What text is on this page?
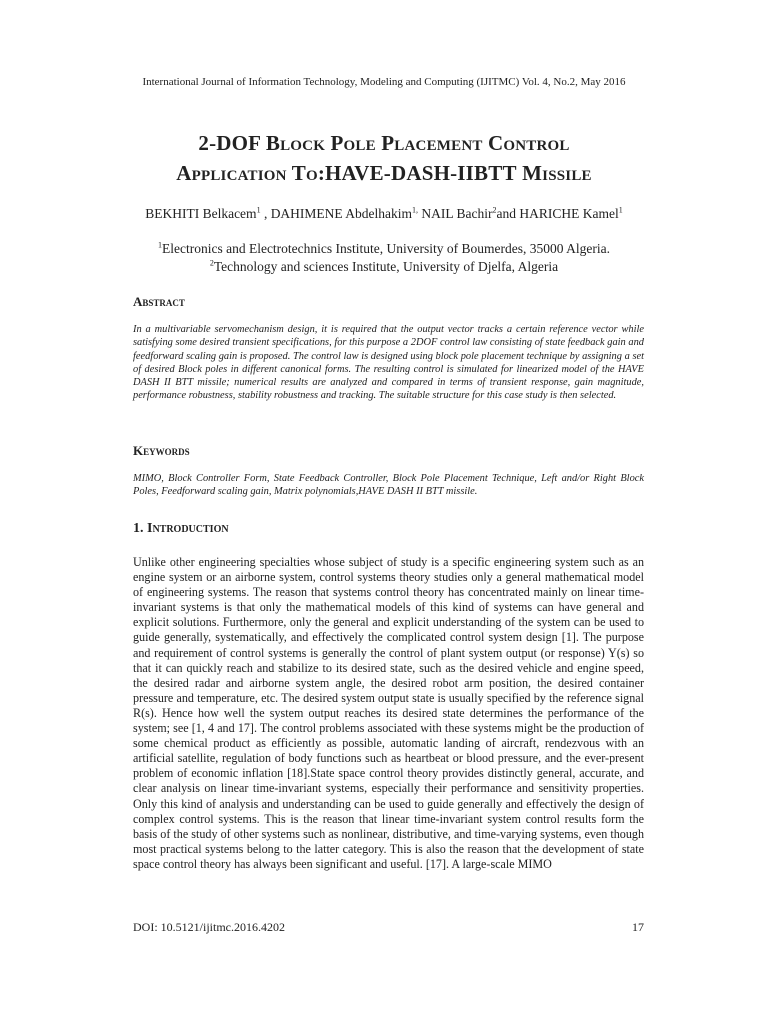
International Journal of Information Technology, Modeling and Computing (IJITMC) Vol. 4, No.2, May 2016
2-DOF Block Pole Placement Control
Application To:HAVE-DASH-IIBTT Missile
BEKHITI Belkacem$^1$ , DAHIMENE Abdelhakim$^{1,}$ NAIL Bachir$^2$and HARICHE Kamel$^1$
$^1$Electronics and Electrotechnics Institute, University of Boumerdes, 35000 Algeria.
$^2$Technology and sciences Institute, University of Djelfa, Algeria
Abstract
In a multivariable servomechanism design, it is required that the output vector tracks a certain reference vector while satisfying some desired transient specifications, for this purpose a 2DOF control law consisting of state feedback gain and feedforward scaling gain is proposed. The control law is designed using block pole placement technique by assigning a set of desired Block poles in different canonical forms. The resulting control is simulated for linearized model of the HAVE DASH II BTT missile; numerical results are analyzed and compared in terms of transient response, gain magnitude, performance robustness, stability robustness and tracking. The suitable structure for this case study is then selected.
Keywords
MIMO, Block Controller Form, State Feedback Controller, Block Pole Placement Technique, Left and/or Right Block Poles, Feedforward scaling gain, Matrix polynomials,HAVE DASH II BTT missile.
1. Introduction
Unlike other engineering specialties whose subject of study is a specific engineering system such as an engine system or an airborne system, control systems theory studies only a general mathematical model of engineering systems. The reason that systems control theory has concentrated mainly on linear time-invariant systems is that only the mathematical models of this kind of systems can have general and explicit solutions. Furthermore, only the general and explicit understanding of the system can be used to guide generally, systematically, and effectively the complicated control system design [1]. The purpose and requirement of control systems is generally the control of plant system output (or response) Y(s) so that it can quickly reach and stabilize to its desired state, such as the desired vehicle and engine speed, the desired radar and airborne system angle, the desired robot arm position, the desired container pressure and temperature, etc. The desired system output state is usually specified by the reference signal R(s). Hence how well the system output reaches its desired state determines the performance of the system; see [1, 4 and 17]. The control problems associated with these systems might be the production of some chemical product as efficiently as possible, automatic landing of aircraft, rendezvous with an artificial satellite, regulation of body functions such as heartbeat or blood pressure, and the ever-present problem of economic inflation [18].State space control theory provides distinctly general, accurate, and clear analysis on linear time-invariant systems, especially their performance and sensitivity properties. Only this kind of analysis and understanding can be used to guide generally and effectively the design of complex control systems. This is the reason that linear time-invariant system control results form the basis of the study of other systems such as nonlinear, distributive, and time-varying systems, even though most practical systems belong to the latter category. This is also the reason that the development of state space control theory has always been significant and useful. [17]. A large-scale MIMO
DOI: 10.5121/ijitmc.2016.4202	17
